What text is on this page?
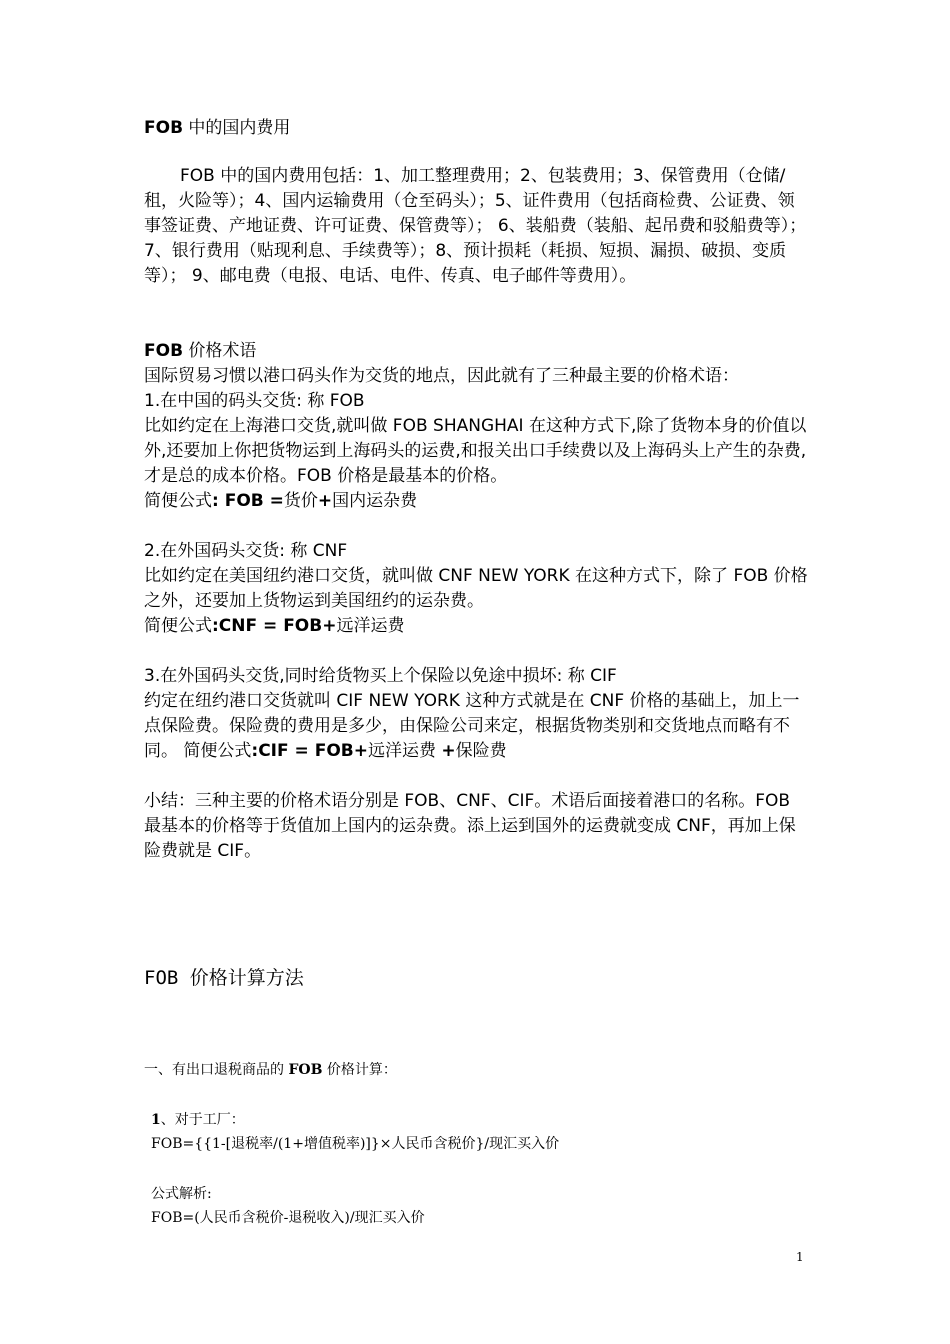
FOB 中的国内费用
FOB 中的国内费用包括：1、加工整理费用；2、包装费用；3、保管费用（仓储/租，火险等）；4、国内运输费用（仓至码头）；5、证件费用（包括商检费、公证费、领事签证费、产地证费、许可证费、保管费等）； 6、装船费（装船、起吊费和驳船费等）；7、银行费用（贴现利息、手续费等）；8、预计损耗（耗损、短损、漏损、破损、变质等）； 9、邮电费（电报、电话、电件、传真、电子邮件等费用）。

FOB 价格术语

国际贸易习惯以港口码头作为交货的地点，因此就有了三种最主要的价格术语：

1.在中国的码头交货: 称 FOB

比如约定在上海港口交货,就叫做 FOB SHANGHAI 在这种方式下,除了货物本身的价值以外,还要加上你把货物运到上海码头的运费,和报关出口手续费以及上海码头上产生的杂费,才是总的成本价格。FOB 价格是最基本的价格。

简便公式: FOB =货价+国内运杂费

2.在外国码头交货: 称 CNF

比如约定在美国纽约港口交货，就叫做 CNF NEW YORK 在这种方式下，除了 FOB 价格之外，还要加上货物运到美国纽约的运杂费。

简便公式:CNF = FOB+远洋运费

3.在外国码头交货,同时给货物买上个保险以免途中损坏: 称 CIF

约定在纽约港口交货就叫 CIF NEW YORK 这种方式就是在 CNF 价格的基础上，加上一点保险费。保险费的费用是多少，由保险公司来定，根据货物类别和交货地点而略有不同。 简便公式:CIF = FOB+远洋运费 +保险费

小结：三种主要的价格术语分别是 FOB、CNF、CIF。术语后面接着港口的名称。FOB 最基本的价格等于货值加上国内的运杂费。添上运到国外的运费就变成 CNF，再加上保险费就是 CIF。

FOB 价格计算方法
一、有出口退税商品的 FOB 价格计算：

1、对于工厂：

FOB={{1-[退税率/(1+增值税率)]}×人民币含税价}/现汇买入价

公式解析:

FOB=(人民币含税价-退税收入)/现汇买入价

1
